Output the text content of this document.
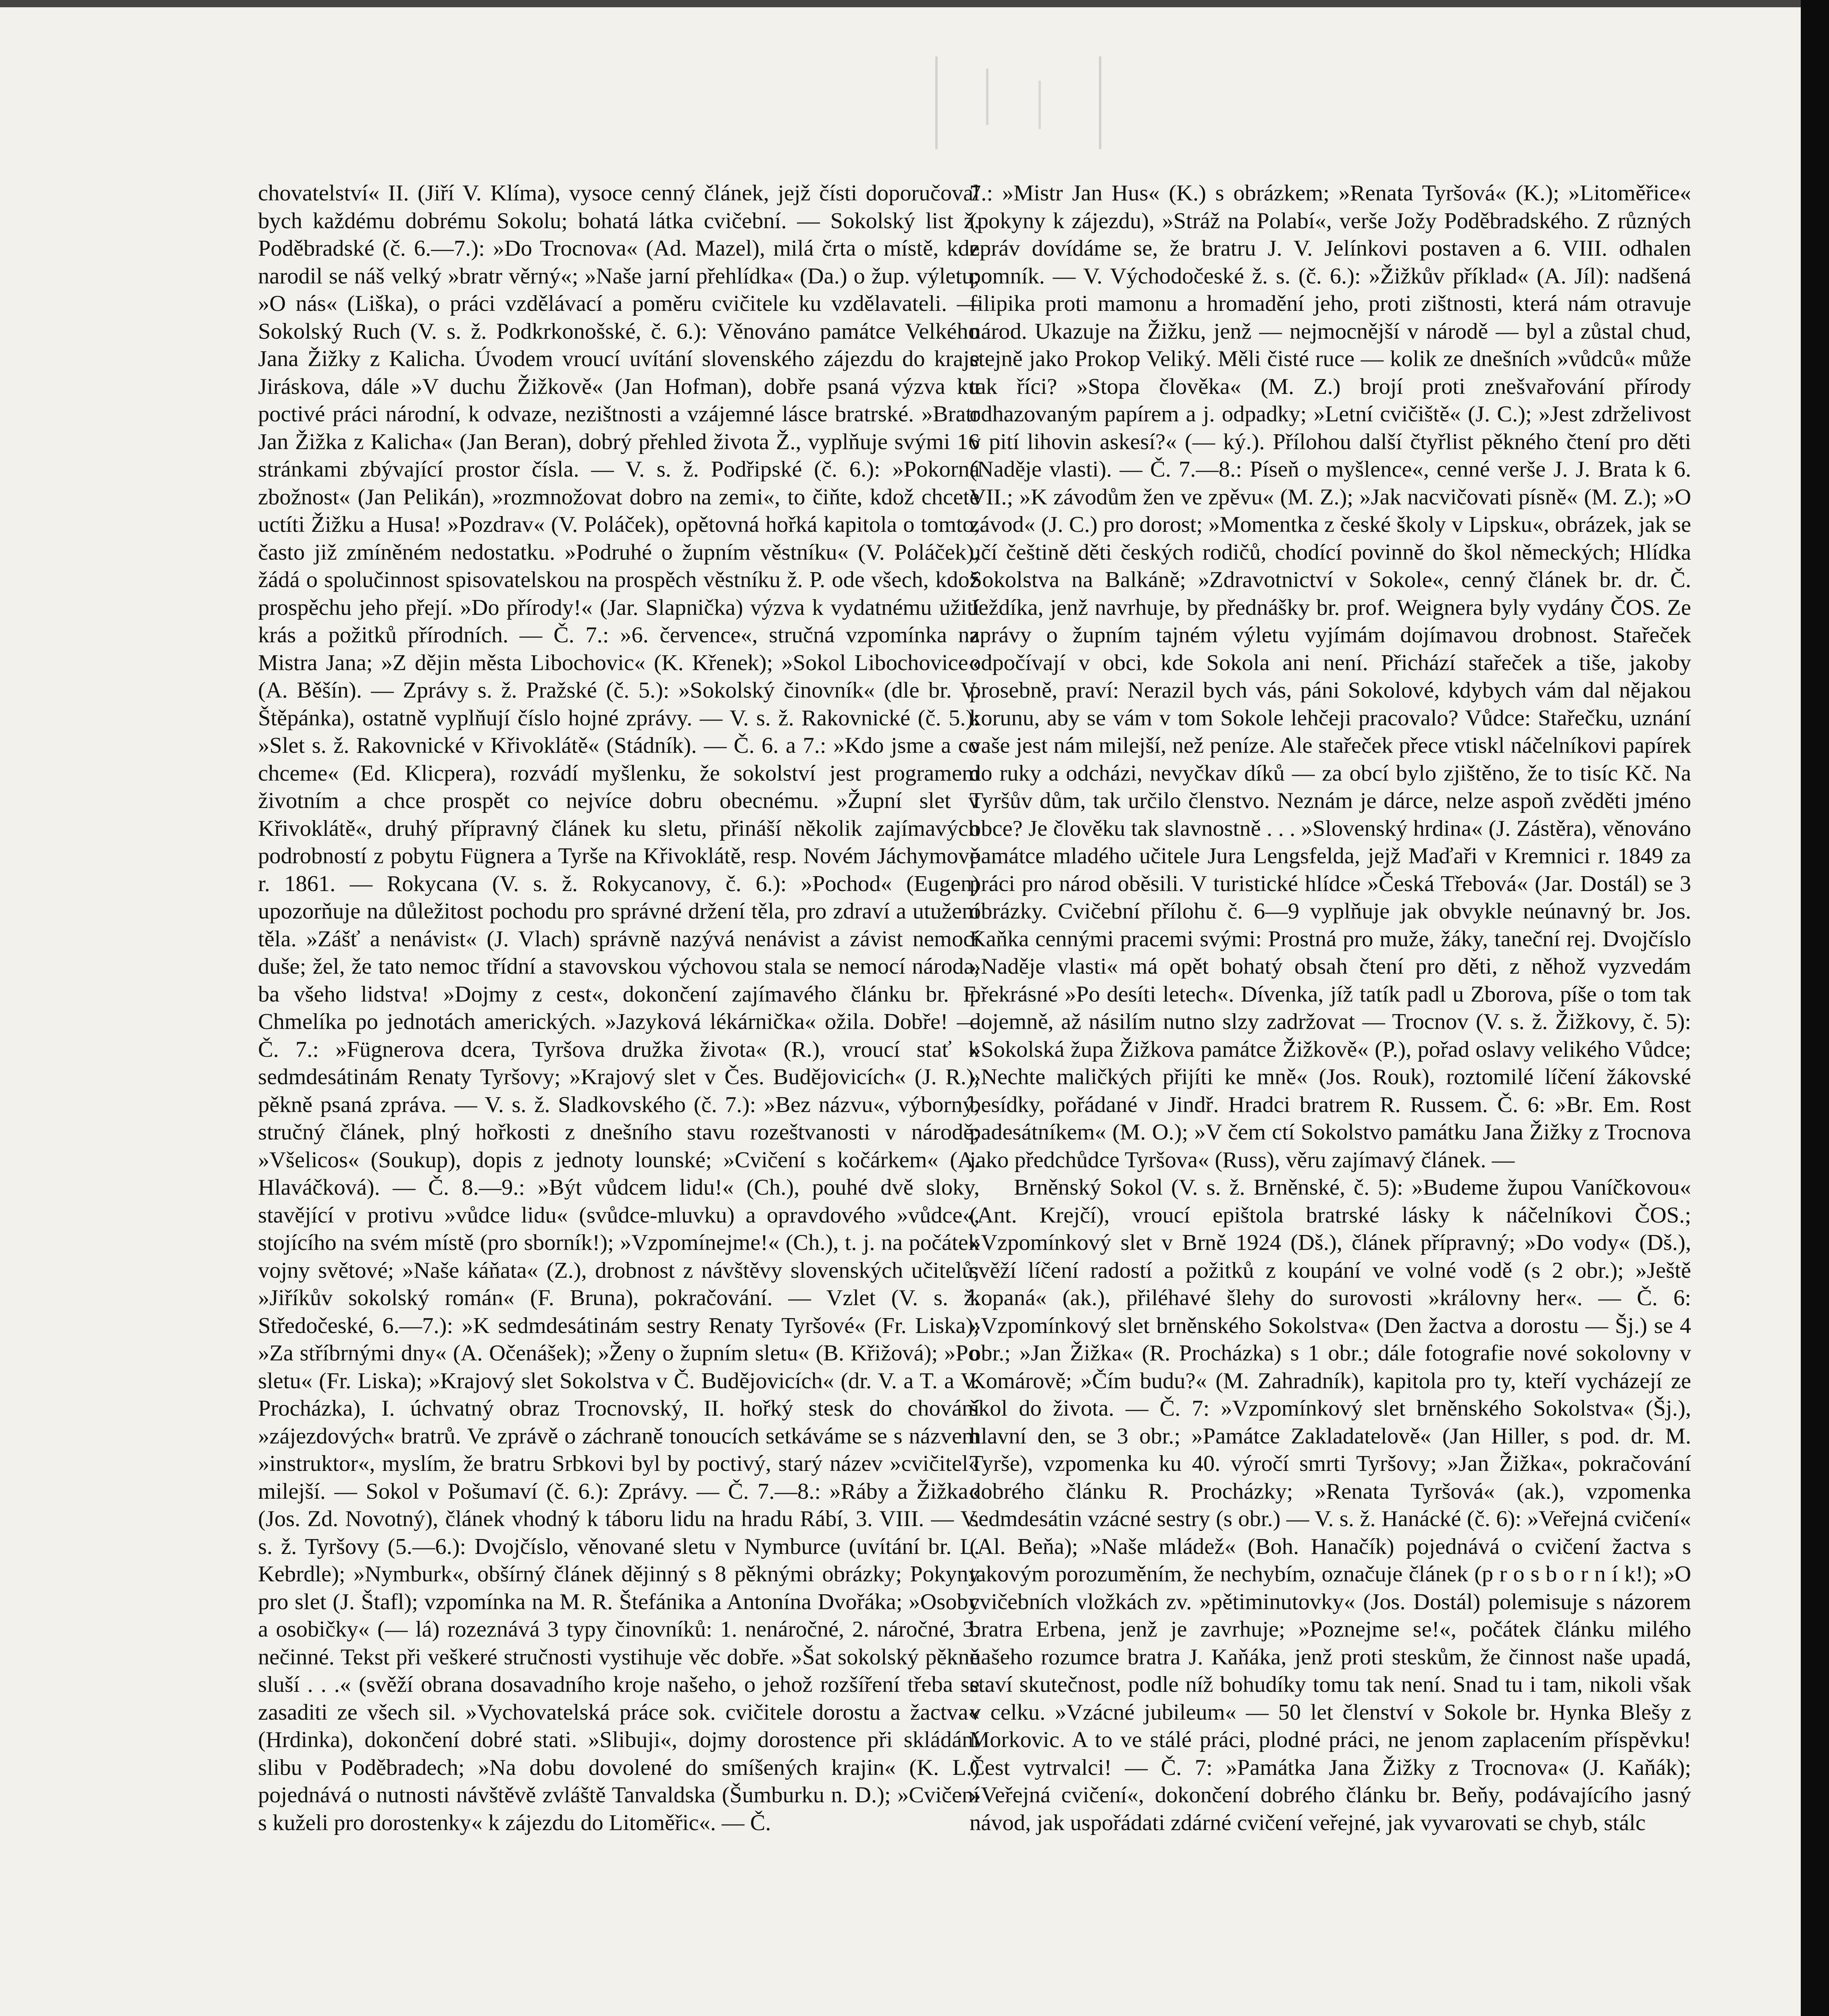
chovatelství« II. (Jiří V. Klíma), vysoce cenný článek, jejž čísti doporučoval bych každému dobrému Sokolu; bohatá látka cvičební. — Sokolský list ž. Poděbradské (č. 6.—7.): »Do Trocnova« (Ad. Mazel), milá črta o místě, kde narodil se náš velký »bratr věrný«; »Naše jarní přehlídka« (Da.) o žup. výletu; »O nás« (Liška), o práci vzdělávací a poměru cvičitele ku vzdělavateli. — Sokolský Ruch (V. s. ž. Podkrkonošské, č. 6.): Věnováno památce Velkého Jana Žižky z Kalicha. Úvodem vroucí uvítání slovenského zájezdu do kraje Jiráskova, dále »V duchu Žižkově« (Jan Hofman), dobře psaná výzva ku poctivé práci národní, k odvaze, nezištnosti a vzájemné lásce bratrské. »Bratr Jan Žižka z Kalicha« (Jan Beran), dobrý přehled života Ž., vyplňuje svými 16 stránkami zbývající prostor čísla. — V. s. ž. Podřipské (č. 6.): »Pokorná zbožnost« (Jan Pelikán), »rozmnožovat dobro na zemi«, to čiňte, kdož chcete uctíti Žižku a Husa! »Pozdrav« (V. Poláček), opětovná hořká kapitola o tomto, často již zmíněném nedostatku. »Podruhé o župním věstníku« (V. Poláček), žádá o spolučinnost spisovatelskou na prospěch věstníku ž. P. ode všech, kdož prospěchu jeho přejí. »Do přírody!« (Jar. Slapnička) výzva k vydatnému užití krás a požitků přírodních. — Č. 7.: »6. července«, stručná vzpomínka na Mistra Jana; »Z dějin města Libochovic« (K. Křenek); »Sokol Libochovice« (A. Běšín). — Zprávy s. ž. Pražské (č. 5.): »Sokolský činovník« (dle br. V. Štěpánka), ostatně vyplňují číslo hojné zprávy. — V. s. ž. Rakovnické (č. 5.): »Slet s. ž. Rakovnické v Křivoklátě« (Stádník). — Č. 6. a 7.: »Kdo jsme a co chceme« (Ed. Klicpera), rozvádí myšlenku, že sokolství jest programem životním a chce prospět co nejvíce dobru obecnému. »Župní slet v Křivoklátě«, druhý přípravný článek ku sletu, přináší několik zajímavých podrobností z pobytu Fügnera a Tyrše na Křivoklátě, resp. Novém Jáchymově r. 1861. — Rokycana (V. s. ž. Rokycanovy, č. 6.): »Pochod« (Eugen) upozorňuje na důležitost pochodu pro správné držení těla, pro zdraví a utužení těla. »Zášť a nenávist« (J. Vlach) správně nazývá nenávist a závist nemocí duše; žel, že tato nemoc třídní a stavovskou výchovou stala se nemocí národa, ba všeho lidstva! »Dojmy z cest«, dokončení zajímavého článku br. F. Chmelíka po jednotách amerických. »Jazyková lékárnička« ožila. Dobře! — Č. 7.: »Fügnerova dcera, Tyršova družka života« (R.), vroucí stať k sedmdesátinám Renaty Tyršovy; »Krajový slet v Čes. Budějovicích« (J. R.), pěkně psaná zpráva. — V. s. ž. Sladkovského (č. 7.): »Bez názvu«, výborný, stručný článek, plný hořkosti z dnešního stavu rozeštvanosti v národě; »Všelicos« (Soukup), dopis z jednoty lounské; »Cvičení s kočárkem« (A. Hlaváčková). — Č. 8.—9.: »Být vůdcem lidu!« (Ch.), pouhé dvě sloky, stavějící v protivu »vůdce lidu« (svůdce-mluvku) a opravdového »vůdce«, stojícího na svém místě (pro sborník!); »Vzpomínejme!« (Ch.), t. j. na počátek vojny světové; »Naše káňata« (Z.), drobnost z návštěvy slovenských učitelů; »Jiříkův sokolský román« (F. Bruna), pokračování. — Vzlet (V. s. ž. Středočeské, 6.—7.): »K sedmdesátinám sestry Renaty Tyršové« (Fr. Liska); »Za stříbrnými dny« (A. Očenášek); »Ženy o župním sletu« (B. Křižová); »Po sletu« (Fr. Liska); »Krajový slet Sokolstva v Č. Budějovicích« (dr. V. a T. a V. Procházka), I. úchvatný obraz Trocnovský, II. hořký stesk do chování »zájezdových« bratrů. Ve zprávě o záchraně tonoucích setkáváme se s názvem »instruktor«, myslím, že bratru Srbkovi byl by poctivý, starý název »cvičitel« milejší. — Sokol v Pošumaví (č. 6.): Zprávy. — Č. 7.—8.: »Ráby a Žižka« (Jos. Zd. Novotný), článek vhodný k táboru lidu na hradu Rábí, 3. VIII. — V. s. ž. Tyršovy (5.—6.): Dvojčíslo, věnované sletu v Nymburce (uvítání br. L. Kebrdle); »Nymburk«, obšírný článek dějinný s 8 pěknými obrázky; Pokyny pro slet (J. Štafl); vzpomínka na M. R. Štefánika a Antonína Dvořáka; »Osoby a osobičky« (— lá) rozeznává 3 typy činovníků: 1. nenáročné, 2. náročné, 3. nečinné. Tekst při veškeré stručnosti vystihuje věc dobře. »Šat sokolský pěkně sluší . . .« (svěží obrana dosavadního kroje našeho, o jehož rozšíření třeba se zasaditi ze všech sil. »Vychovatelská práce sok. cvičitele dorostu a žactva« (Hrdinka), dokončení dobré stati. »Slibuji«, dojmy dorostence při skládání slibu v Poděbradech; »Na dobu dovolené do smíšených krajin« (K. L.) pojednává o nutnosti návštěvě zvláště Tanvaldska (Šumburku n. D.); »Cvičení s kuželi pro dorostenky« k zájezdu do Litoměřic«. — Č.

7.: »Mistr Jan Hus« (K.) s obrázkem; »Renata Tyršová« (K.); »Litoměřice« (pokyny k zájezdu), »Stráž na Polabí«, verše Jožy Poděbradského. Z různých zpráv dovídáme se, že bratru J. V. Jelínkovi postaven a 6. VIII. odhalen pomník. — V. Východočeské ž. s. (č. 6.): »Žižkův příklad« (A. Jíl): nadšená filipika proti mamonu a hromadění jeho, proti zištnosti, která nám otravuje národ. Ukazuje na Žižku, jenž — nejmocnější v národě — byl a zůstal chud, stejně jako Prokop Veliký. Měli čisté ruce — kolik ze dnešních »vůdců« může tak říci? »Stopa člověka« (M. Z.) brojí proti znešvařování přírody odhazovaným papírem a j. odpadky; »Letní cvičiště« (J. C.); »Jest zdrželivost v pití lihovin askesí?« (— ký.). Přílohou další čtyřlist pěkného čtení pro děti (Naděje vlasti). — Č. 7.—8.: Píseň o myšlence«, cenné verše J. J. Brata k 6. VII.; »K závodům žen ve zpěvu« (M. Z.); »Jak nacvičovati písně« (M. Z.); »O závod« (J. C.) pro dorost; »Momentka z české školy v Lipsku«, obrázek, jak se učí češtině děti českých rodičů, chodící povinně do škol německých; Hlídka Sokolstva na Balkáně; »Zdravotnictví v Sokole«, cenný článek br. dr. Č. Ježdíka, jenž navrhuje, by přednášky br. prof. Weignera byly vydány ČOS. Ze zprávy o župním tajném výletu vyjímám dojímavou drobnost. Stařeček odpočívají v obci, kde Sokola ani není. Přichází stařeček a tiše, jakoby prosebně, praví: Nerazil bych vás, páni Sokolové, kdybych vám dal nějakou korunu, aby se vám v tom Sokole lehčeji pracovalo? Vůdce: Stařečku, uznání vaše jest nám milejší, než peníze. Ale stařeček přece vtiskl náčelníkovi papírek do ruky a odcházi, nevyčkav díků — za obcí bylo zjištěno, že to tisíc Kč. Na Tyršův dům, tak určilo členstvo. Neznám je dárce, nelze aspoň zvěděti jméno obce? Je člověku tak slavnostně . . . »Slovenský hrdina« (J. Zástěra), věnováno památce mladého učitele Jura Lengsfelda, jejž Maďaři v Kremnici r. 1849 za práci pro národ oběsili. V turistické hlídce »Česká Třebová« (Jar. Dostál) se 3 obrázky. Cvičební přílohu č. 6—9 vyplňuje jak obvykle neúnavný br. Jos. Kaňka cennými pracemi svými: Prostná pro muže, žáky, taneční rej. Dvojčíslo »Naděje vlasti« má opět bohatý obsah čtení pro děti, z něhož vyzvedám překrásné »Po desíti letech«. Dívenka, jíž tatík padl u Zborova, píše o tom tak dojemně, až násilím nutno slzy zadržovat — Trocnov (V. s. ž. Žižkovy, č. 5): »Sokolská župa Žižkova památce Žižkově« (P.), pořad oslavy velikého Vůdce; »Nechte maličkých přijíti ke mně« (Jos. Rouk), roztomilé líčení žákovské besídky, pořádané v Jindř. Hradci bratrem R. Russem. Č. 6: »Br. Em. Rost padesátníkem« (M. O.); »V čem ctí Sokolstvo památku Jana Žižky z Trocnova jako předchůdce Tyršova« (Russ), věru zajímavý článek. —

Brněnský Sokol (V. s. ž. Brněnské, č. 5): »Budeme župou Vaníčkovou« (Ant. Krejčí), vroucí epištola bratrské lásky k náčelníkovi ČOS.; »Vzpomínkový slet v Brně 1924 (Dš.), článek přípravný; »Do vody« (Dš.), svěží líčení radostí a požitků z koupání ve volné vodě (s 2 obr.); »Ještě kopaná« (ak.), přiléhavé šlehy do surovosti »královny her«. — Č. 6: »Vzpomínkový slet brněnského Sokolstva« (Den žactva a dorostu — Šj.) se 4 obr.; »Jan Žižka« (R. Procházka) s 1 obr.; dále fotografie nové sokolovny v Komárově; »Čím budu?« (M. Zahradník), kapitola pro ty, kteří vycházejí ze škol do života. — Č. 7: »Vzpomínkový slet brněnského Sokolstva« (Šj.), hlavní den, se 3 obr.; »Památce Zakladatelově« (Jan Hiller, s pod. dr. M. Tyrše), vzpomenka ku 40. výročí smrti Tyršovy; »Jan Žižka«, pokračování dobrého článku R. Procházky; »Renata Tyršová« (ak.), vzpomenka sedmdesátin vzácné sestry (s obr.) — V. s. ž. Hanácké (č. 6): »Veřejná cvičení« (Al. Beňa); »Naše mládež« (Boh. Hanačík) pojednává o cvičení žactva s takovým porozuměním, že nechybím, označuje článek (p r o s b o r n í k!); »O cvičebních vložkách zv. »pětiminutovky« (Jos. Dostál) polemisuje s názorem bratra Erbena, jenž je zavrhuje; »Poznejme se!«, počátek článku milého našeho rozumce bratra J. Kaňáka, jenž proti steskům, že činnost naše upadá, staví skutečnost, podle níž bohudíky tomu tak není. Snad tu i tam, nikoli však v celku. »Vzácné jubileum« — 50 let členství v Sokole br. Hynka Blešy z Morkovic. A to ve stálé práci, plodné práci, ne jenom zaplacením příspěvku! Čest vytrvalci! — Č. 7: »Památka Jana Žižky z Trocnova« (J. Kaňák); »Veřejná cvičení«, dokončení dobrého článku br. Beňy, podávajícího jasný návod, jak uspořádati zdárné cvičení veřejné, jak vyvarovati se chyb, stálc
